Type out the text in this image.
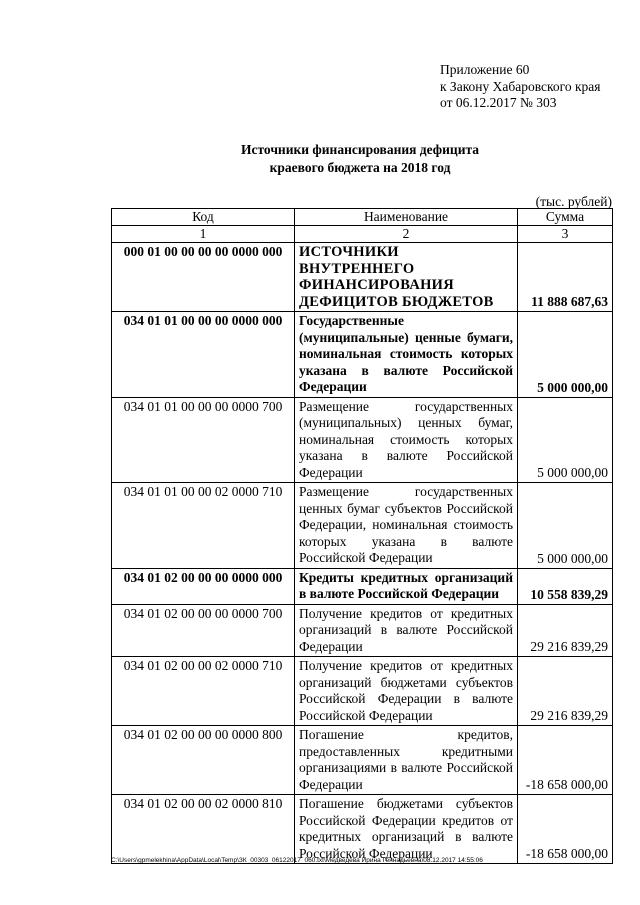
Приложение 60
к Закону Хабаровского края
от 06.12.2017 № 303
Источники финансирования дефицита
краевого бюджета на 2018 год
(тыс. рублей)
Код	Наименование	Сумма
1	2	3
000 01 00 00 00 00 0000 000	ИСТОЧНИКИ ВНУТРЕННЕГО ФИНАНСИРОВАНИЯ ДЕФИЦИТОВ БЮДЖЕТОВ	11 888 687,63
034 01 01 00 00 00 0000 000	Государственные (муниципальные) ценные бумаги, номинальная стоимость которых указана в валюте Российской Федерации	5 000 000,00
034 01 01 00 00 00 0000 700	Размещение государственных (муниципальных) ценных бумаг, номинальная стоимость которых указана в валюте Российской Федерации	5 000 000,00
034 01 01 00 00 02 0000 710	Размещение государственных ценных бумаг субъектов Российской Федерации, номинальная стоимость которых указана в валюте Российской Федерации	5 000 000,00
034 01 02 00 00 00 0000 000	Кредиты кредитных организаций в валюте Российской Федерации	10 558 839,29
034 01 02 00 00 00 0000 700	Получение кредитов от кредитных организаций в валюте Российской Федерации	29 216 839,29
034 01 02 00 00 02 0000 710	Получение кредитов от кредитных организаций бюджетами субъектов Российской Федерации в валюте Российской Федерации	29 216 839,29
034 01 02 00 00 00 0000 800	Погашение кредитов, предоставленных кредитными организациями в валюте Российской Федерации	-18 658 000,00
034 01 02 00 00 02 0000 810	Погашение бюджетами субъектов Российской Федерации кредитов от кредитных организаций в валюте Российской Федерации	-18 658 000,00
C:\Users\gpmelekhina\AppData\Local\Temp\ЗК_00303_06122017_060.txt\Медведева Ирина Геннадьевна\08.12.2017 14:55:06
